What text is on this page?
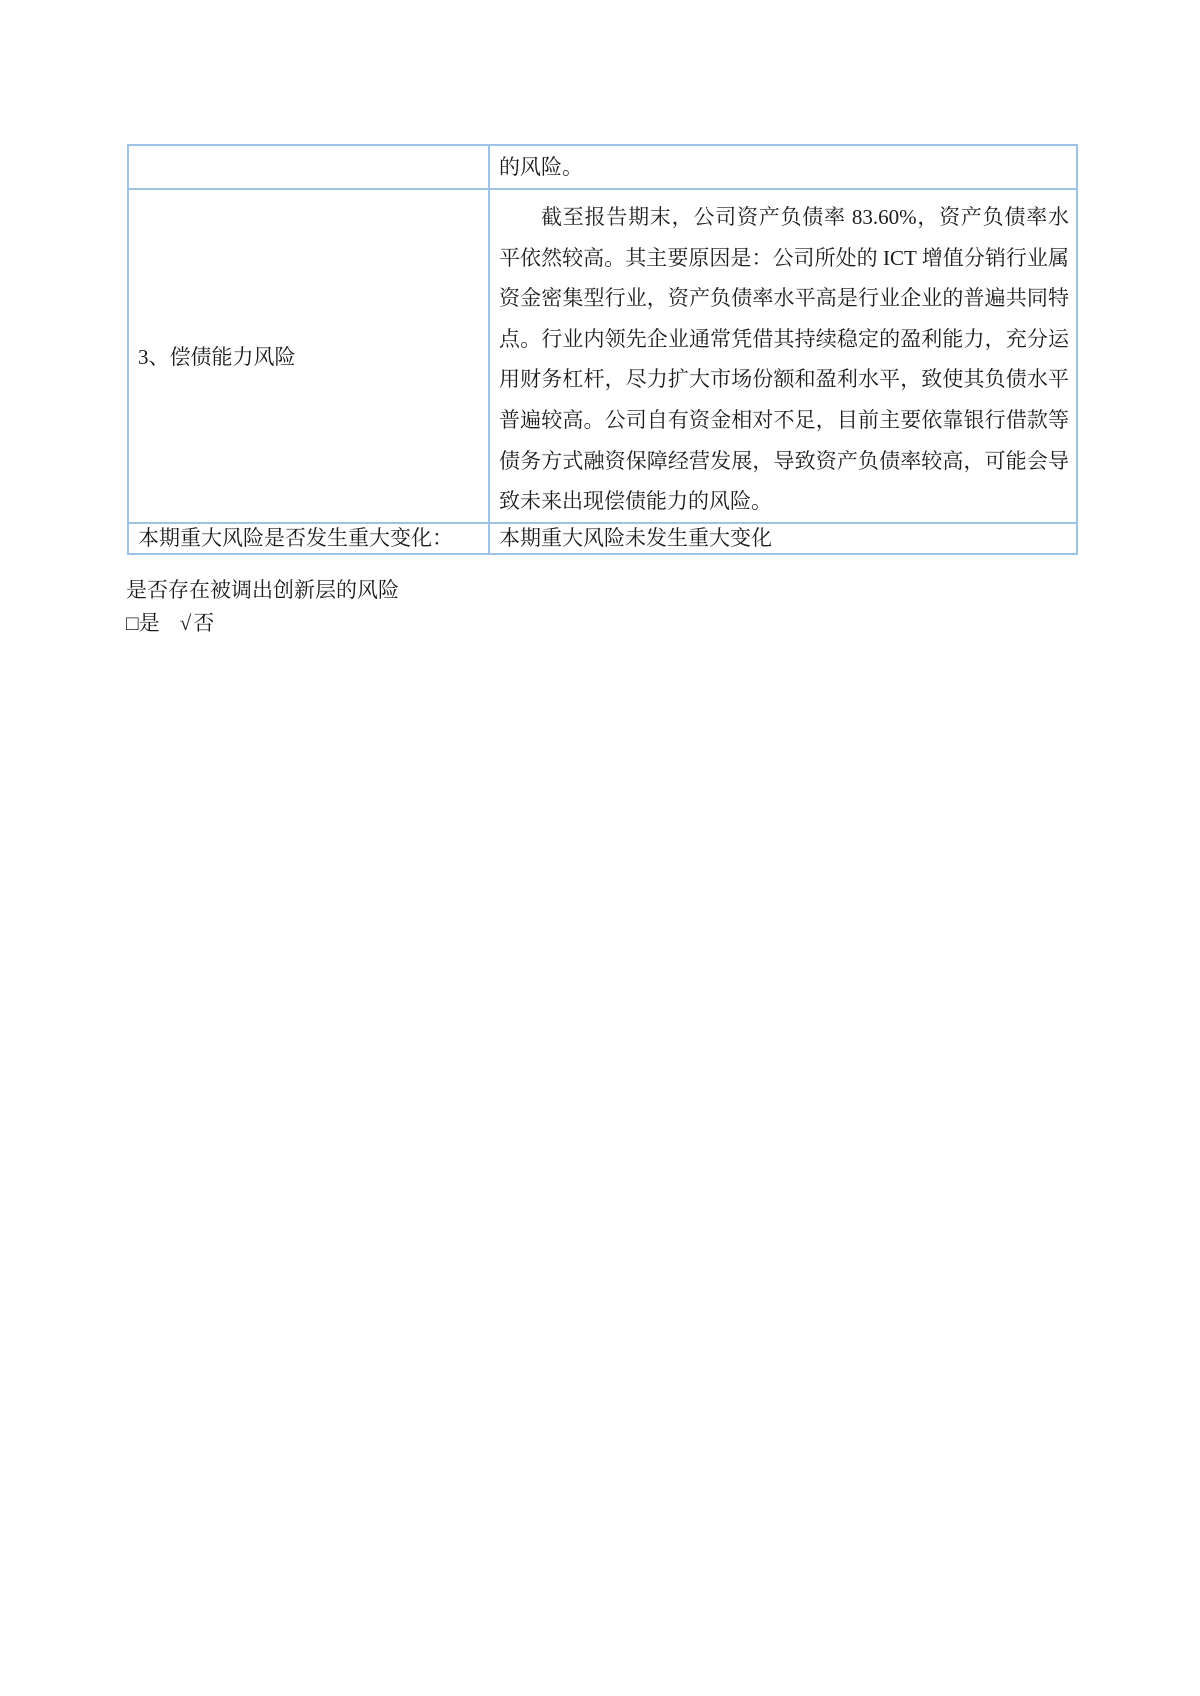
	的风险。
3、偿债能力风险	截至报告期末，公司资产负债率 83.60%，资产负债率水平依然较高。其主要原因是：公司所处的 ICT 增值分销行业属资金密集型行业，资产负债率水平高是行业企业的普遍共同特点。行业内领先企业通常凭借其持续稳定的盈利能力，充分运用财务杠杆，尽力扩大市场份额和盈利水平，致使其负债水平普遍较高。公司自有资金相对不足，目前主要依靠银行借款等债务方式融资保障经营发展，导致资产负债率较高，可能会导致未来出现偿债能力的风险。
本期重大风险是否发生重大变化：	本期重大风险未发生重大变化
是否存在被调出创新层的风险
□是 √否
